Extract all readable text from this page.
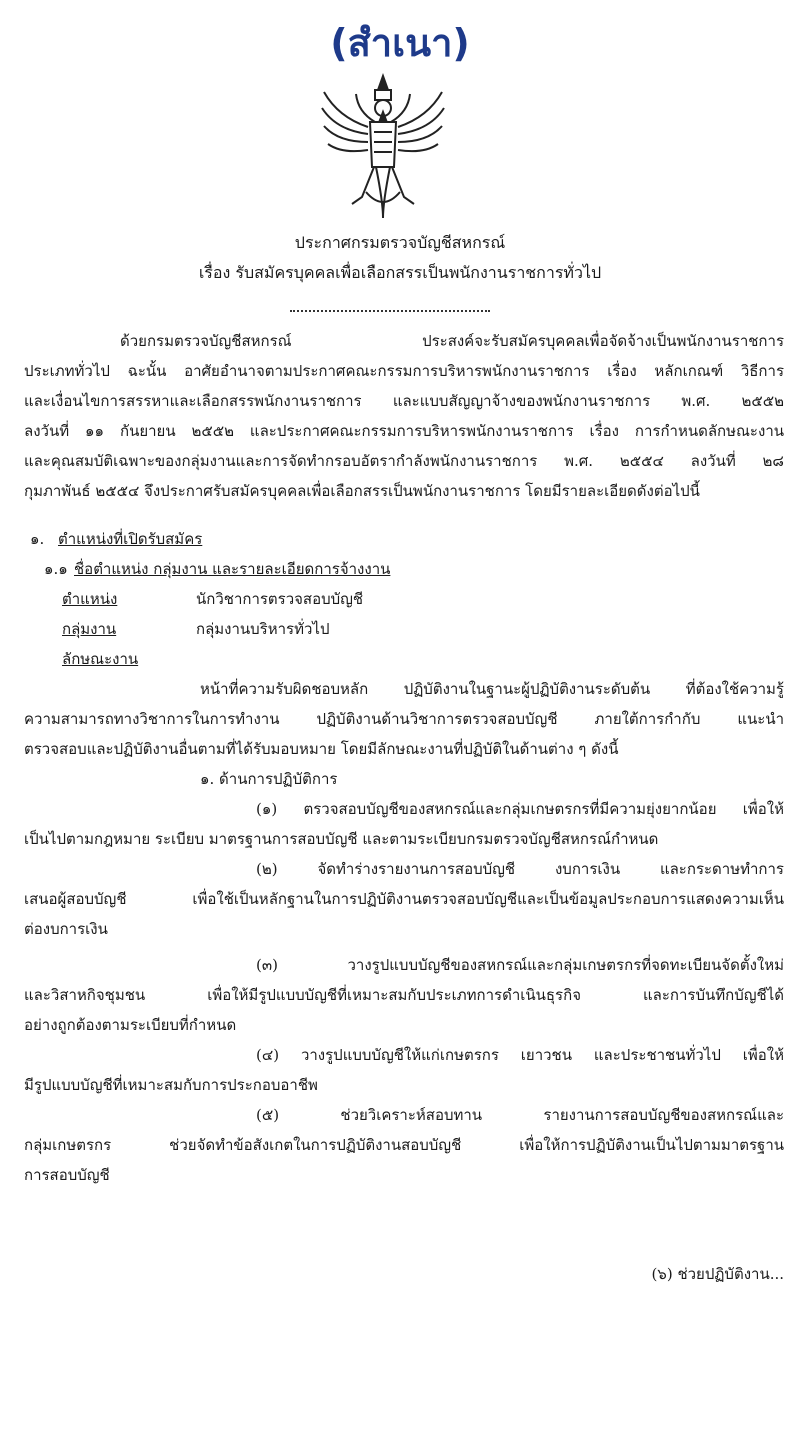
(สำเนา)
ประกาศกรมตรวจบัญชีสหกรณ์
เรื่อง รับสมัครบุคคลเพื่อเลือกสรรเป็นพนักงานราชการทั่วไป
ด้วยกรมตรวจบัญชีสหกรณ์ ประสงค์จะรับสมัครบุคคลเพื่อจัดจ้างเป็นพนักงานราชการ
ประเภททั่วไป ฉะนั้น อาศัยอำนาจตามประกาศคณะกรรมการบริหารพนักงานราชการ เรื่อง หลักเกณฑ์ วิธีการ
และเงื่อนไขการสรรหาและเลือกสรรพนักงานราชการ และแบบสัญญาจ้างของพนักงานราชการ พ.ศ. ๒๕๕๒
ลงวันที่ ๑๑ กันยายน ๒๕๕๒ และประกาศคณะกรรมการบริหารพนักงานราชการ เรื่อง การกำหนดลักษณะงาน
และคุณสมบัติเฉพาะของกลุ่มงานและการจัดทำกรอบอัตรากำลังพนักงานราชการ พ.ศ. ๒๕๕๔ ลงวันที่ ๒๘
กุมภาพันธ์ ๒๕๕๔ จึงประกาศรับสมัครบุคคลเพื่อเลือกสรรเป็นพนักงานราชการ โดยมีรายละเอียดดังต่อไปนี้
๑. ตำแหน่งที่เปิดรับสมัคร
๑.๑ ชื่อตำแหน่ง กลุ่มงาน และรายละเอียดการจ้างงาน
ตำแหน่ง	นักวิชาการตรวจสอบบัญชี
กลุ่มงาน	กลุ่มงานบริหารทั่วไป
ลักษณะงาน
หน้าที่ความรับผิดชอบหลัก ปฏิบัติงานในฐานะผู้ปฏิบัติงานระดับต้น ที่ต้องใช้ความรู้
ความสามารถทางวิชาการในการทำงาน ปฏิบัติงานด้านวิชาการตรวจสอบบัญชี ภายใต้การกำกับ แนะนำ
ตรวจสอบและปฏิบัติงานอื่นตามที่ได้รับมอบหมาย โดยมีลักษณะงานที่ปฏิบัติในด้านต่าง ๆ ดังนี้
๑. ด้านการปฏิบัติการ
(๑) ตรวจสอบบัญชีของสหกรณ์และกลุ่มเกษตรกรที่มีความยุ่งยากน้อย เพื่อให้
เป็นไปตามกฎหมาย ระเบียบ มาตรฐานการสอบบัญชี และตามระเบียบกรมตรวจบัญชีสหกรณ์กำหนด
(๒) จัดทำร่างรายงานการสอบบัญชี งบการเงิน และกระดาษทำการ
เสนอผู้สอบบัญชี เพื่อใช้เป็นหลักฐานในการปฏิบัติงานตรวจสอบบัญชีและเป็นข้อมูลประกอบการแสดงความเห็น
ต่องบการเงิน
(๓) วางรูปแบบบัญชีของสหกรณ์และกลุ่มเกษตรกรที่จดทะเบียนจัดตั้งใหม่
และวิสาหกิจชุมชน เพื่อให้มีรูปแบบบัญชีที่เหมาะสมกับประเภทการดำเนินธุรกิจ และการบันทึกบัญชีได้
อย่างถูกต้องตามระเบียบที่กำหนด
(๔) วางรูปแบบบัญชีให้แก่เกษตรกร เยาวชน และประชาชนทั่วไป เพื่อให้
มีรูปแบบบัญชีที่เหมาะสมกับการประกอบอาชีพ
(๕) ช่วยวิเคราะห์สอบทาน รายงานการสอบบัญชีของสหกรณ์และ
กลุ่มเกษตรกร ช่วยจัดทำข้อสังเกตในการปฏิบัติงานสอบบัญชี เพื่อให้การปฏิบัติงานเป็นไปตามมาตรฐาน
การสอบบัญชี
(๖) ช่วยปฏิบัติงาน...
